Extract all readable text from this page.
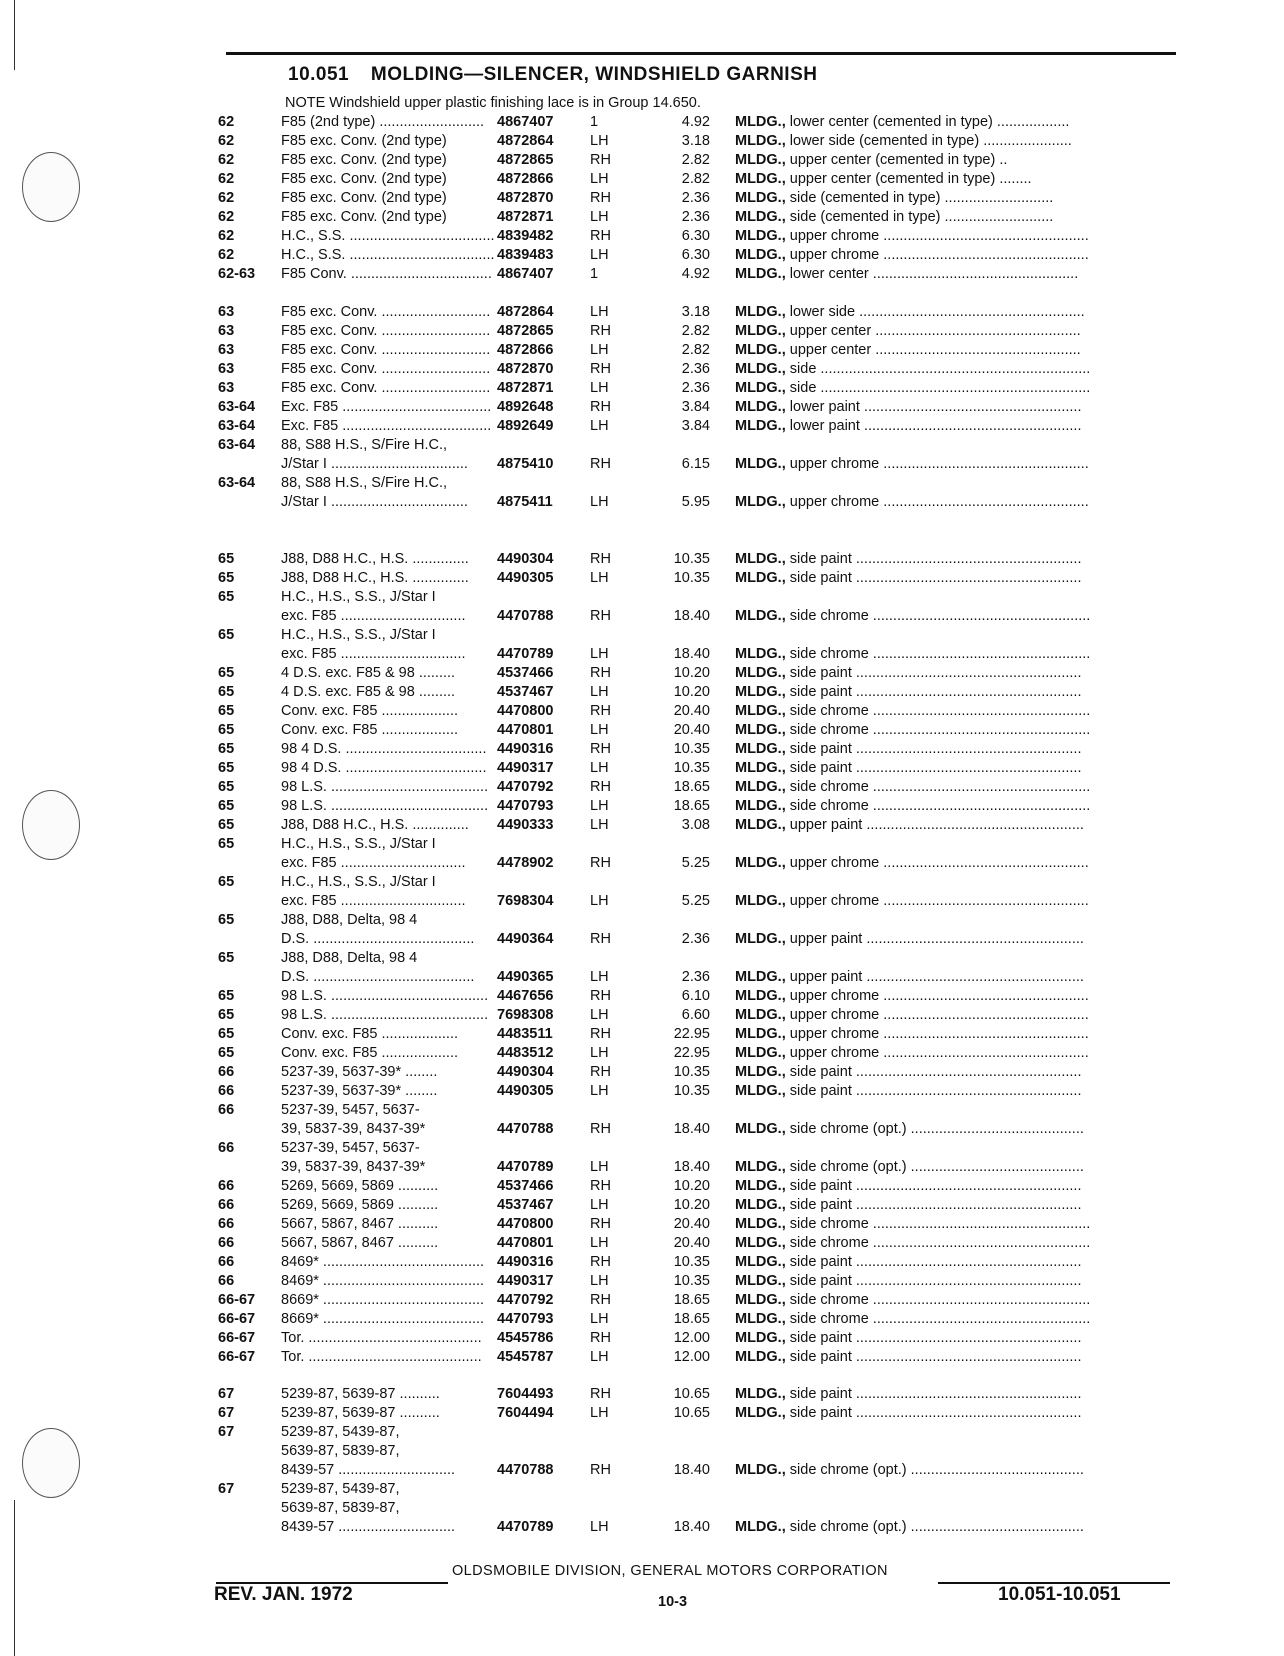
10.051 MOLDING—SILENCER, WINDSHIELD GARNISH
NOTE Windshield upper plastic finishing lace is in Group 14.650.
62	F85 (2nd type) .......................... 4867407	1	4.92 MLDG., lower center (cemented in type) ..................
62	F85 exc. Conv. (2nd type)	4872864	LH	3.18 MLDG., lower side (cemented in type) ......................
62	F85 exc. Conv. (2nd type)	4872865	RH	2.82 MLDG., upper center (cemented in type) ..
62	F85 exc. Conv. (2nd type)	4872866	LH	2.82 MLDG., upper center (cemented in type) ........
62	F85 exc. Conv. (2nd type)	4872870	RH	2.36 MLDG., side (cemented in type) ...........................
62	F85 exc. Conv. (2nd type)	4872871	LH	2.36 MLDG., side (cemented in type) ...........................
62	H.C., S.S. .................................... 4839482	RH	6.30 MLDG., upper chrome ...................................................
62	H.C., S.S. .................................... 4839483	LH	6.30 MLDG., upper chrome ...................................................
62-63 F85 Conv. ................................... 4867407	1	4.92 MLDG., lower center ...................................................
63	F85 exc. Conv. ........................... 4872864	LH	3.18 MLDG., lower side ........................................................
63	F85 exc. Conv. ........................... 4872865	RH	2.82 MLDG., upper center ...................................................
63	F85 exc. Conv. ........................... 4872866	LH	2.82 MLDG., upper center ...................................................
63	F85 exc. Conv. ........................... 4872870	RH	2.36 MLDG., side ...................................................................
63	F85 exc. Conv. ........................... 4872871	LH	2.36 MLDG., side ...................................................................
63-64 Exc. F85 ..................................... 4892648	RH	3.84 MLDG., lower paint ......................................................
63-64 Exc. F85 ..................................... 4892649	LH	3.84 MLDG., lower paint ......................................................
63-64 88, S88 H.S., S/Fire H.C.,
J/Star I ..................................	4875410	RH	6.15 MLDG., upper chrome ...................................................
63-64 88, S88 H.S., S/Fire H.C.,
J/Star I ..................................	4875411	LH	5.95 MLDG., upper chrome ...................................................
65	J88, D88 H.C., H.S. ..............	4490304	RH	10.35 MLDG., side paint ........................................................
65	J88, D88 H.C., H.S. ..............	4490305	LH	10.35 MLDG., side paint ........................................................
65	H.C., H.S., S.S., J/Star I
exc. F85 ...............................	4470788	RH	18.40 MLDG., side chrome ......................................................
65	H.C., H.S., S.S., J/Star I
exc. F85 ...............................	4470789	LH	18.40 MLDG., side chrome ......................................................
65	4 D.S. exc. F85 & 98 .........	4537466	RH	10.20 MLDG., side paint ........................................................
65	4 D.S. exc. F85 & 98 .........	4537467	LH	10.20 MLDG., side paint ........................................................
65	Conv. exc. F85 ...................	4470800	RH	20.40 MLDG., side chrome ......................................................
65	Conv. exc. F85 ...................	4470801	LH	20.40 MLDG., side chrome ......................................................
65	98 4 D.S. ................................... 4490316	RH	10.35 MLDG., side paint ........................................................
65	98 4 D.S. ................................... 4490317	LH	10.35 MLDG., side paint ........................................................
65	98 L.S. ....................................... 4470792	RH	18.65 MLDG., side chrome ......................................................
65	98 L.S. ....................................... 4470793	LH	18.65 MLDG., side chrome ......................................................
65	J88, D88 H.C., H.S. ..............	4490333	LH	3.08 MLDG., upper paint ......................................................
65	H.C., H.S., S.S., J/Star I
exc. F85 ...............................	4478902	RH	5.25 MLDG., upper chrome ...................................................
65	H.C., H.S., S.S., J/Star I
exc. F85 ...............................	7698304	LH	5.25 MLDG., upper chrome ...................................................
65	J88, D88, Delta, 98 4
D.S. ........................................	4490364	RH	2.36 MLDG., upper paint ......................................................
65	J88, D88, Delta, 98 4
D.S. ........................................	4490365	LH	2.36 MLDG., upper paint ......................................................
65	98 L.S. ....................................... 4467656	RH	6.10 MLDG., upper chrome ...................................................
65	98 L.S. ....................................... 7698308	LH	6.60 MLDG., upper chrome ...................................................
65	Conv. exc. F85 ...................	4483511	RH	22.95 MLDG., upper chrome ...................................................
65	Conv. exc. F85 ...................	4483512	LH	22.95 MLDG., upper chrome ...................................................
66	5237-39, 5637-39* ........	4490304	RH	10.35 MLDG., side paint ........................................................
66	5237-39, 5637-39* ........	4490305	LH	10.35 MLDG., side paint ........................................................
66	5237-39, 5457, 5637-
39, 5837-39, 8437-39*	4470788	RH	18.40 MLDG., side chrome (opt.) ...........................................
66	5237-39, 5457, 5637-
39, 5837-39, 8437-39*	4470789	LH	18.40 MLDG., side chrome (opt.) ...........................................
66	5269, 5669, 5869 ..........	4537466	RH	10.20 MLDG., side paint ........................................................
66	5269, 5669, 5869 ..........	4537467	LH	10.20 MLDG., side paint ........................................................
66	5667, 5867, 8467 ..........	4470800	RH	20.40 MLDG., side chrome ......................................................
66	5667, 5867, 8467 ..........	4470801	LH	20.40 MLDG., side chrome ......................................................
66	8469* ........................................ 4490316	RH	10.35 MLDG., side paint ........................................................
66	8469* ........................................ 4490317	LH	10.35 MLDG., side paint ........................................................
66-67 8669* ........................................ 4470792	RH	18.65 MLDG., side chrome ......................................................
66-67 8669* ........................................ 4470793	LH	18.65 MLDG., side chrome ......................................................
66-67 Tor. ...........................................	4545786	RH	12.00 MLDG., side paint ........................................................
66-67 Tor. ...........................................	4545787	LH	12.00 MLDG., side paint ........................................................
67	5239-87, 5639-87 ..........	7604493	RH	10.65 MLDG., side paint ........................................................
67	5239-87, 5639-87 ..........	7604494	LH	10.65 MLDG., side paint ........................................................
67	5239-87, 5439-87,
5639-87, 5839-87,
8439-57 .............................	4470788	RH	18.40 MLDG., side chrome (opt.) ...........................................
67	5239-87, 5439-87,
5639-87, 5839-87,
8439-57 .............................	4470789	LH	18.40 MLDG., side chrome (opt.) ...........................................
OLDSMOBILE DIVISION, GENERAL MOTORS CORPORATION
REV. JAN. 1972	10-3	10.051-10.051
